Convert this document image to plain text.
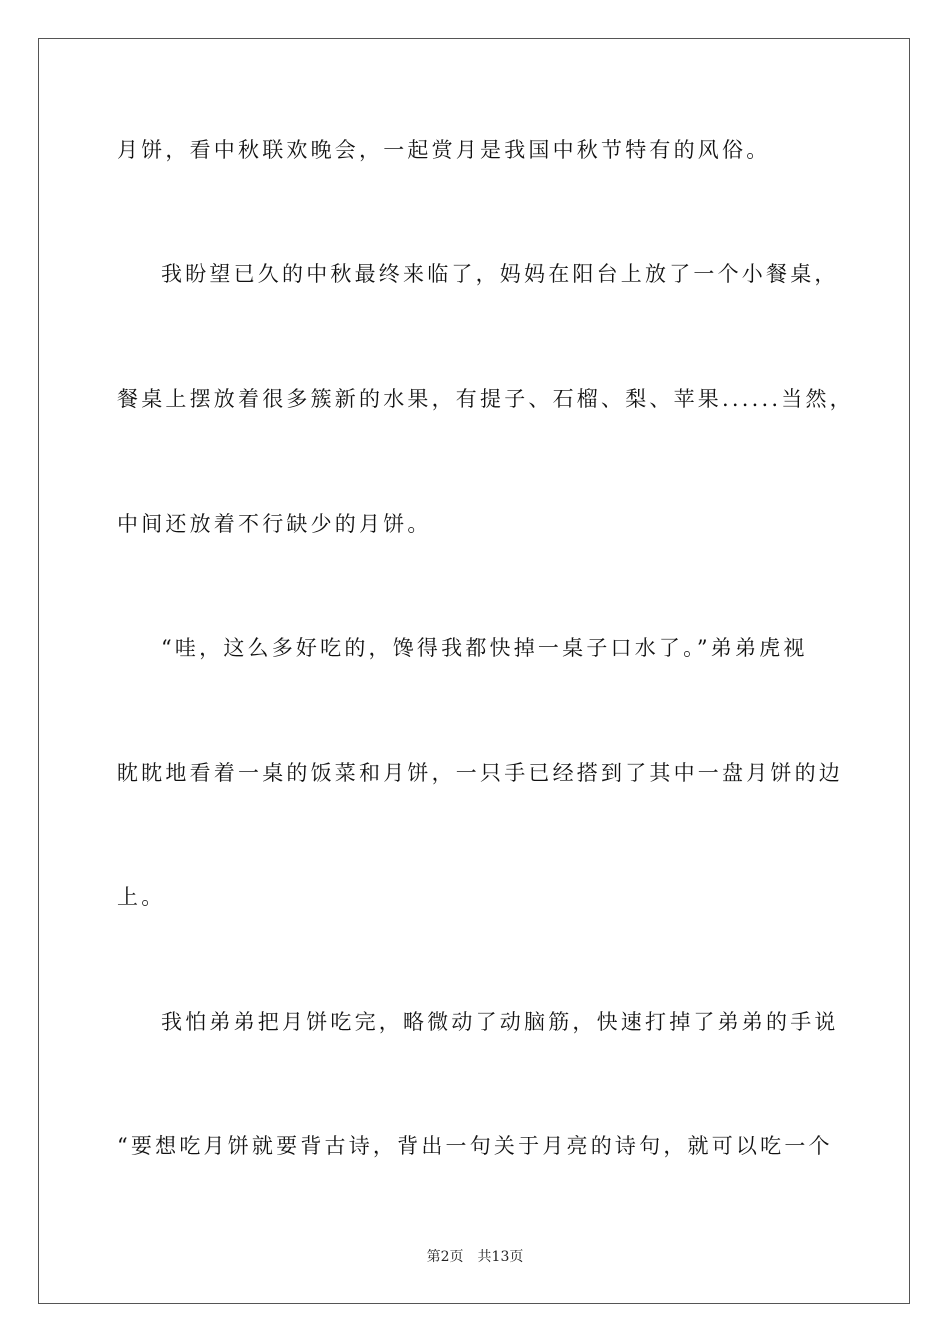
月饼，看中秋联欢晚会，一起赏月是我国中秋节特有的风俗。
我盼望已久的中秋最终来临了，妈妈在阳台上放了一个小餐桌，
餐桌上摆放着很多簇新的水果，有提子、石榴、梨、苹果......当然，
中间还放着不行缺少的月饼。
“哇，这么多好吃的，馋得我都快掉一桌子口水了。”弟弟虎视
眈眈地看着一桌的饭菜和月饼，一只手已经搭到了其中一盘月饼的边
上。
我怕弟弟把月饼吃完，略微动了动脑筋，快速打掉了弟弟的手说
“要想吃月饼就要背古诗，背出一句关于月亮的诗句，就可以吃一个
第2页 共13页
